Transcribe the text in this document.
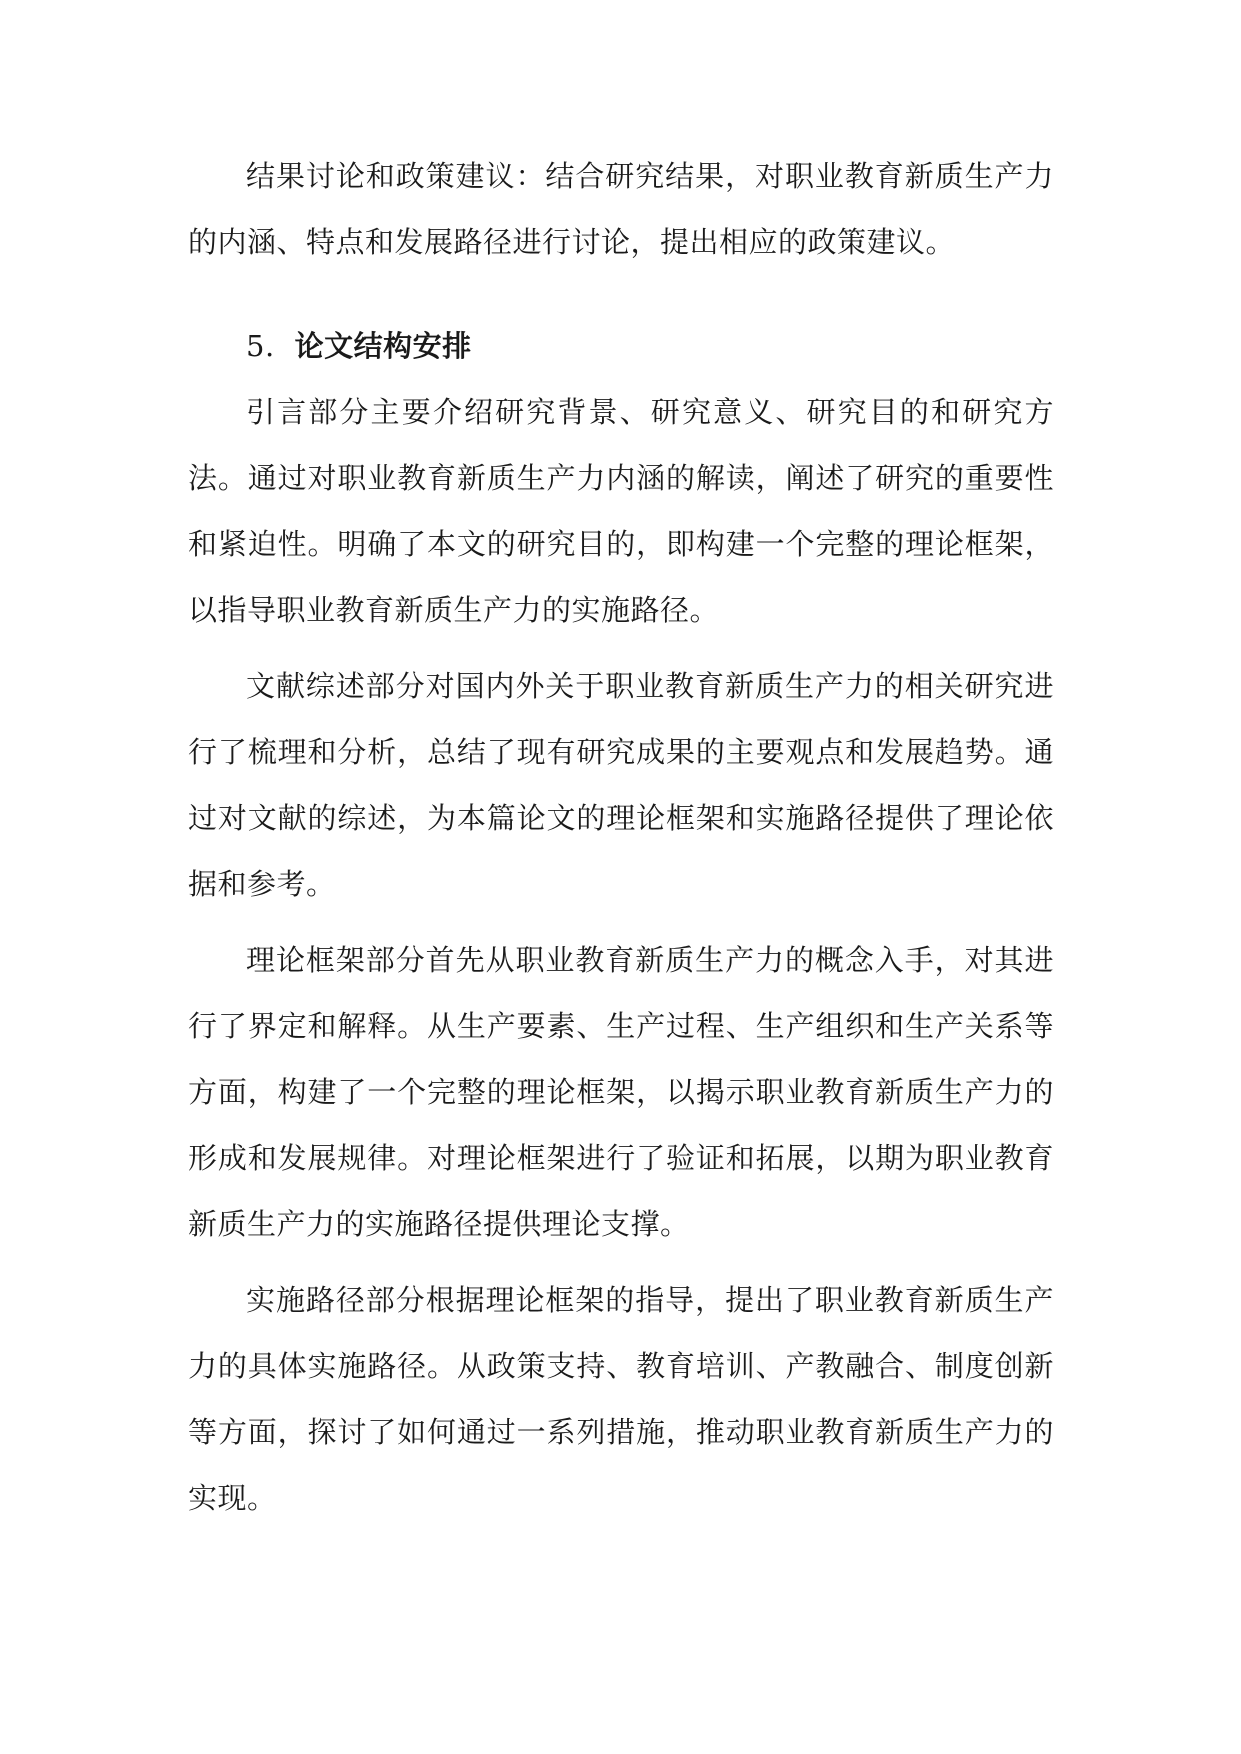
结果讨论和政策建议：结合研究结果，对职业教育新质生产力的内涵、特点和发展路径进行讨论，提出相应的政策建议。

5. 论文结构安排

引言部分主要介绍研究背景、研究意义、研究目的和研究方法。通过对职业教育新质生产力内涵的解读，阐述了研究的重要性和紧迫性。明确了本文的研究目的，即构建一个完整的理论框架，以指导职业教育新质生产力的实施路径。

文献综述部分对国内外关于职业教育新质生产力的相关研究进行了梳理和分析，总结了现有研究成果的主要观点和发展趋势。通过对文献的综述，为本篇论文的理论框架和实施路径提供了理论依据和参考。

理论框架部分首先从职业教育新质生产力的概念入手，对其进行了界定和解释。从生产要素、生产过程、生产组织和生产关系等方面，构建了一个完整的理论框架，以揭示职业教育新质生产力的形成和发展规律。对理论框架进行了验证和拓展，以期为职业教育新质生产力的实施路径提供理论支撑。

实施路径部分根据理论框架的指导，提出了职业教育新质生产力的具体实施路径。从政策支持、教育培训、产教融合、制度创新等方面，探讨了如何通过一系列措施，推动职业教育新质生产力的实现。
